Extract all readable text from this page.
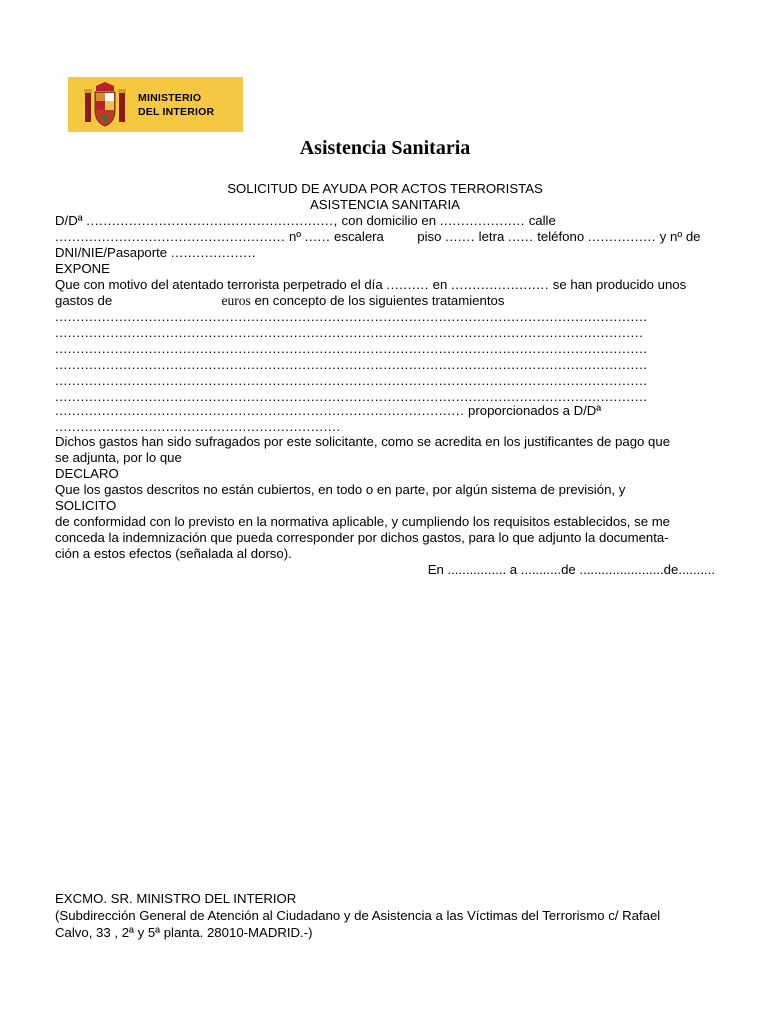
MINISTERIO
DEL INTERIOR
Asistencia Sanitaria
SOLICITUD DE AYUDA POR ACTOS TERRORISTAS
ASISTENCIA SANITARIA
D/Dª .........................................................., con domicilio en .................... calle
...................................................... nº ...... escalera	piso ....... letra ...... teléfono ................ y nº de
DNI/NIE/Pasaporte ....................
EXPONE
Que con motivo del atentado terrorista perpetrado el día .......... en ....................... se han producido unos
gastos de	euros en concepto de los siguientes tratamientos
...........................................................................................................................................
..........................................................................................................................................
...........................................................................................................................................
...........................................................................................................................................
...........................................................................................................................................
...........................................................................................................................................
................................................................................................ proporcionados a D/Dª
...................................................................
Dichos gastos han sido sufragados por este solicitante, como se acredita en los justificantes de pago que
se adjunta, por lo que
DECLARO
Que los gastos descritos no están cubiertos, en todo o en parte, por algún sistema de previsión, y
SOLICITO
de conformidad con lo previsto en la normativa aplicable, y cumpliendo los requisitos establecidos, se me
conceda la indemnización que pueda corresponder por dichos gastos, para lo que adjunto la documenta-
ción a estos efectos (señalada al dorso).
En ................ a ...........de .......................de..........
EXCMO. SR. MINISTRO DEL INTERIOR
(Subdirección General de Atención al Ciudadano y de Asistencia a las Víctimas del Terrorismo c/ Rafael
Calvo, 33 , 2ª y 5ª planta. 28010-MADRID.-)
